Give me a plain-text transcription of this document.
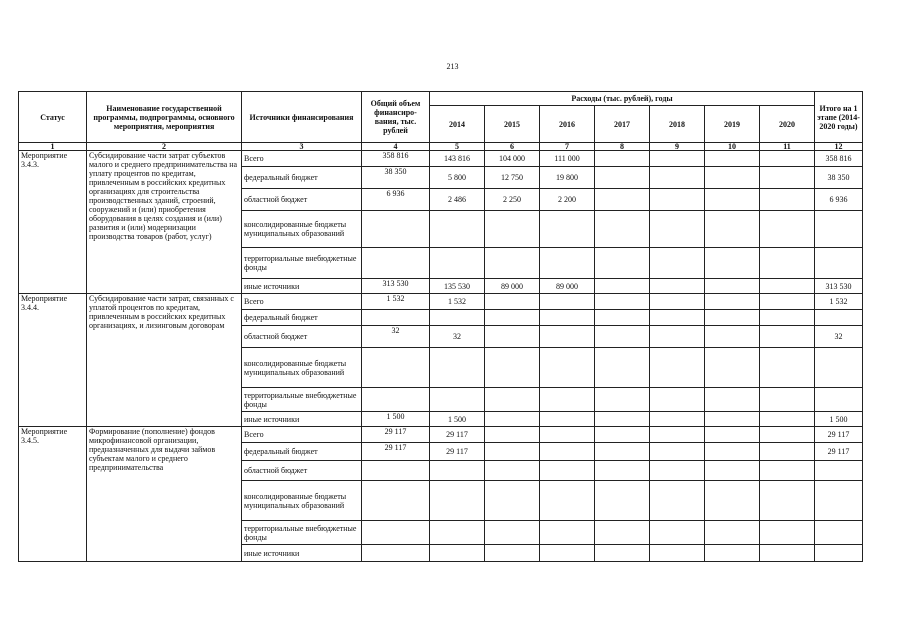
213
Статус	Наименование государственной программы, подпрограммы, основного мероприятия, мероприятия	Источники финансирования	Общий объем финансиро-вания, тыс. рублей	Расходы (тыс. рублей), годы							Итого на 1 этапе (2014-2020 годы)
				2014	2015	2016	2017	2018	2019	2020	
1	2	3	4	5	6	7	8	9	10	11	12
Мероприятие 3.4.3.	Субсидирование части затрат субъектов малого и среднего предпринимательства на уплату процентов по кредитам, привлеченным в российских кредитных организациях для строительства производственных зданий, строений, сооружений и (или) приобретения оборудования в целях создания и (или) развития и (или) модернизации производства товаров (работ, услуг)	Всего	358 816	143 816	104 000	111 000					358 816
		федеральный бюджет	38 350	5 800	12 750	19 800					38 350
		областной бюджет	6 936	2 486	2 250	2 200					6 936
		консолидированные бюджеты муниципальных образований									
		территориальные внебюджетные фонды									
		иные источники	313 530	135 530	89 000	89 000					313 530
Мероприятие 3.4.4.	Субсидирование части затрат, связанных с уплатой процентов по кредитам, привлеченным в российских кредитных организациях, и лизинговым договорам	Всего	1 532	1 532							1 532
		федеральный бюджет									
		областной бюджет	32	32							32
		консолидированные бюджеты муниципальных образований									
		территориальные внебюджетные фонды									
		иные источники	1 500	1 500							1 500
Мероприятие 3.4.5.	Формирование (пополнение) фондов микрофинансовой организации, предназначенных для выдачи займов субъектам малого и среднего предпринимательства	Всего	29 117	29 117							29 117
		федеральный бюджет	29 117	29 117							29 117
		областной бюджет									
		консолидированные бюджеты муниципальных образований									
		территориальные внебюджетные фонды									
		иные источники									
